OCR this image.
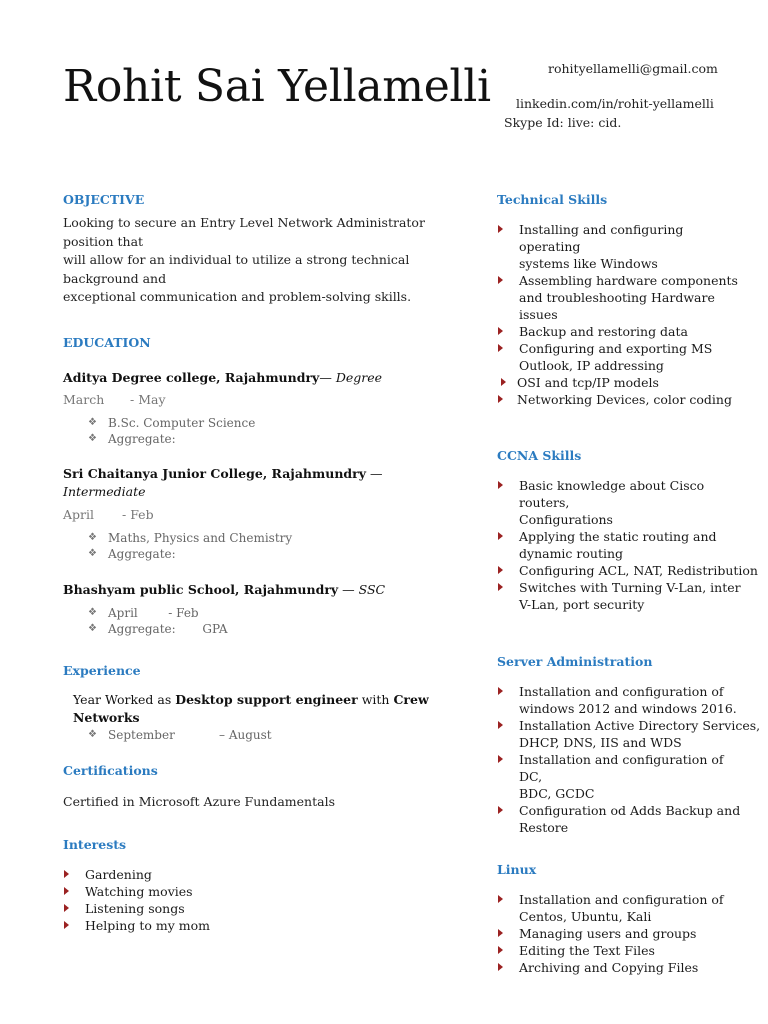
Rohit Sai Yellamelli	rohityellamelli@gmail.com
linkedin.com/in/rohit-yellamelli
Skype Id: live: cid.
OBJECTIVE

Looking to secure an Entry Level Network Administrator position that

will allow for an individual to utilize a strong technical background and

exceptional communication and problem-solving skills.

EDUCATION

Aditya Degree college, Rajahmundry— Degree

March - May

❖ B.Sc. Computer Science
❖ Aggregate:

Sri Chaitanya Junior College, Rajahmundry — Intermediate

April - Feb

❖ Maths, Physics and Chemistry
❖ Aggregate:

Bhashyam public School, Rajahmundry — SSC

❖ April        - Feb
❖ Aggregate:       GPA
Experience

Year Worked as Desktop support engineer with Crew Networks

❖ September	– August
Certifications

Certified in Microsoft Azure Fundamentals

Interests
Gardening
Watching movies
Listening songs
Helping to my mom
Technical Skills
Installing and configuring operating
systems like Windows
Assembling hardware components
and troubleshooting Hardware issues
Backup and restoring data
Configuring and exporting MS
Outlook, IP addressing
OSI and tcp/IP models
Networking Devices, color coding
CCNA Skills
Basic knowledge about Cisco routers,
Configurations
Applying the static routing and
dynamic routing
Configuring ACL, NAT, Redistribution
Switches with Turning V-Lan, inter
V-Lan, port security
Server Administration
Installation and configuration of
windows 2012 and windows 2016.
Installation Active Directory Services,
DHCP, DNS, IIS and WDS
Installation and configuration of DC,
BDC, GCDC
Configuration od Adds Backup and
Restore
Linux
Installation and configuration of
Centos, Ubuntu, Kali
Managing users and groups
Editing the Text Files
Archiving and Copying Files
